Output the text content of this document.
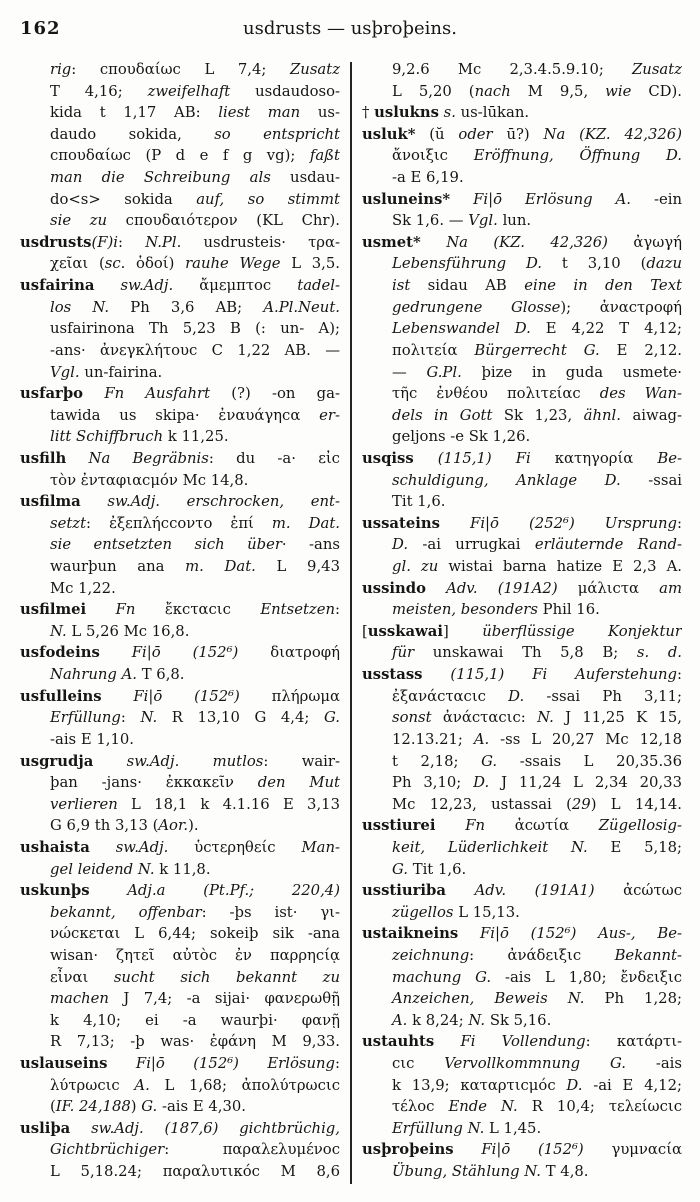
162	usdrusts — usþroþeins.
rig: cπουδαίωc L 7,4; Zusatz
T 4,16; zweifelhaft usdaudoso-
kida t 1,17 AB: liest man us-
daudo sokida, so entspricht
cπουδαίωc (P d e f g vg); faßt
man die Schreibung als usdau-
do<s> sokida auf, so stimmt
sie zu cπουδαιότερον (KL Chr).
usdrusts(F)i: N.Pl. usdrusteis· τρα-
χεῖαι (sc. ὁδοί) rauhe Wege L 3,5.
usfairina sw.Adj. ἄμεμπτοc tadel-
los N. Ph 3,6 AB; A.Pl.Neut.
usfairinona Th 5,23 B (: un- A);
-ans· ἀνεγκλήτουc C 1,22 AB. —
Vgl. un-fairina.
usfarþo Fn Ausfahrt (?) -on ga-
tawida us skipa· ἐναυάγηcα er-
litt Schiffbruch k 11,25.
usfilh Na Begräbnis: du -a· εἰc
τὸν ἐνταφιαcμόν Mc 14,8.
usfilma sw.Adj. erschrocken, ent-
setzt: ἐξεπλήccοντο ἐπί m. Dat.
sie entsetzten sich über· -ans
waurþun ana m. Dat. L 9,43
Mc 1,22.
usfilmei Fn ἔκcταcιc Entsetzen:
N. L 5,26 Mc 16,8.
usfodeins Fi|ō (152⁶) διατροφή
Nahrung A. T 6,8.
usfulleins Fi|ō (152⁶) πλήρωμα
Erfüllung: N. R 13,10 G 4,4; G.
-ais E 1,10.
usgrudja sw.Adj. mutlos: wair-
þan -jans· ἐκκακεῖν den Mut
verlieren L 18,1 k 4.1.16 E 3,13
G 6,9 th 3,13 (Aor.).
ushaista sw.Adj. ὑcτερηθείc Man-
gel leidend N. k 11,8.
uskunþs	Adj.a (Pt.Pf.; 220,4)
bekannt, offenbar: -þs ist· γι-
νώcκεται L 6,44; sokeiþ sik -ana
wisan· ζητεῖ αὐτὸc ἐν παρρηcίᾳ
εἶναι sucht sich bekannt zu
machen J 7,4; -a sijai· φανερωθῇ
k 4,10; ei -a waurþi· φανῇ
R 7,13; -þ was· ἐφάνη M 9,33.
uslauseins Fi|ō (152⁶) Erlösung:
λύτρωcιc A. L 1,68; ἀπολύτρωcιc
(IF. 24,188) G. -ais E 4,30.
usliþa sw.Adj. (187,6) gichtbrüchig,
Gichtbrüchiger: παραλελυμένοc
L 5,18.24; παραλυτικόc M 8,6
9,2.6 Mc 2,3.4.5.9.10; Zusatz
L 5,20 (nach M 9,5, wie CD).
† uslukns s. us-lūkan.
usluk* (ŭ oder ū?) Na (KZ. 42,326)
ἄνοιξιc Eröffnung, Öffnung D.
-a E 6,19.
usluneins* Fi|ō Erlösung A. -ein
Sk 1,6. — Vgl. lun.
usmet* Na (KZ. 42,326) ἀγωγή
Lebensführung D. t 3,10 (dazu
ist sidau AB eine in den Text
gedrungene Glosse); ἀναcτροφή
Lebenswandel D. E 4,22 T 4,12;
πολιτεία Bürgerrecht G. E 2,12.
— G.Pl. þize in guda usmete·
τῆc ἐνθέου πολιτείαc des Wan-
dels in Gott Sk 1,23, ähnl. aiwag-
geljons -e Sk 1,26.
usqiss (115,1) Fi κατηγορία Be-
schuldigung, Anklage D. -ssai
Tit 1,6.
ussateins Fi|ō (252⁶) Ursprung:
D. -ai urrugkai erläuternde Rand-
gl. zu wistai barna hatize E 2,3 A.
ussindo Adv. (191A2) μάλιcτα am
meisten, besonders Phil 16.
[usskawai] überflüssige Konjektur
für unskawai Th 5,8 B; s. d.
usstass (115,1) Fi Auferstehung:
ἐξανάcταcιc D. -ssai Ph 3,11;
sonst ἀνάcταcιc: N. J 11,25 K 15,
12.13.21; A. -ss L 20,27 Mc 12,18
t 2,18; G. -ssais L 20,35.36
Ph 3,10; D. J 11,24 L 2,34 20,33
Mc 12,23, ustassai (29) L 14,14.
usstiurei Fn ἀcωτία Zügellosig-
keit, Lüderlichkeit N. E 5,18;
G. Tit 1,6.
usstiuriba Adv. (191A1) ἀcώτωc
zügellos L 15,13.
ustaikneins Fi|ō (152⁶) Aus-, Be-
zeichnung: ἀνάδειξιc Bekannt-
machung G. -ais L 1,80; ἔνδειξιc
Anzeichen, Beweis N. Ph 1,28;
A. k 8,24; N. Sk 5,16.
ustauhts Fi Vollendung: κατάρτι-
cιc Vervollkommnung G. -ais
k 13,9; καταρτιcμόc D. -ai E 4,12;
τέλοc Ende N. R 10,4; τελείωcιc
Erfüllung N. L 1,45.
usþroþeins Fi|ō (152⁶) γυμναcία
Übung, Stählung N. T 4,8.
